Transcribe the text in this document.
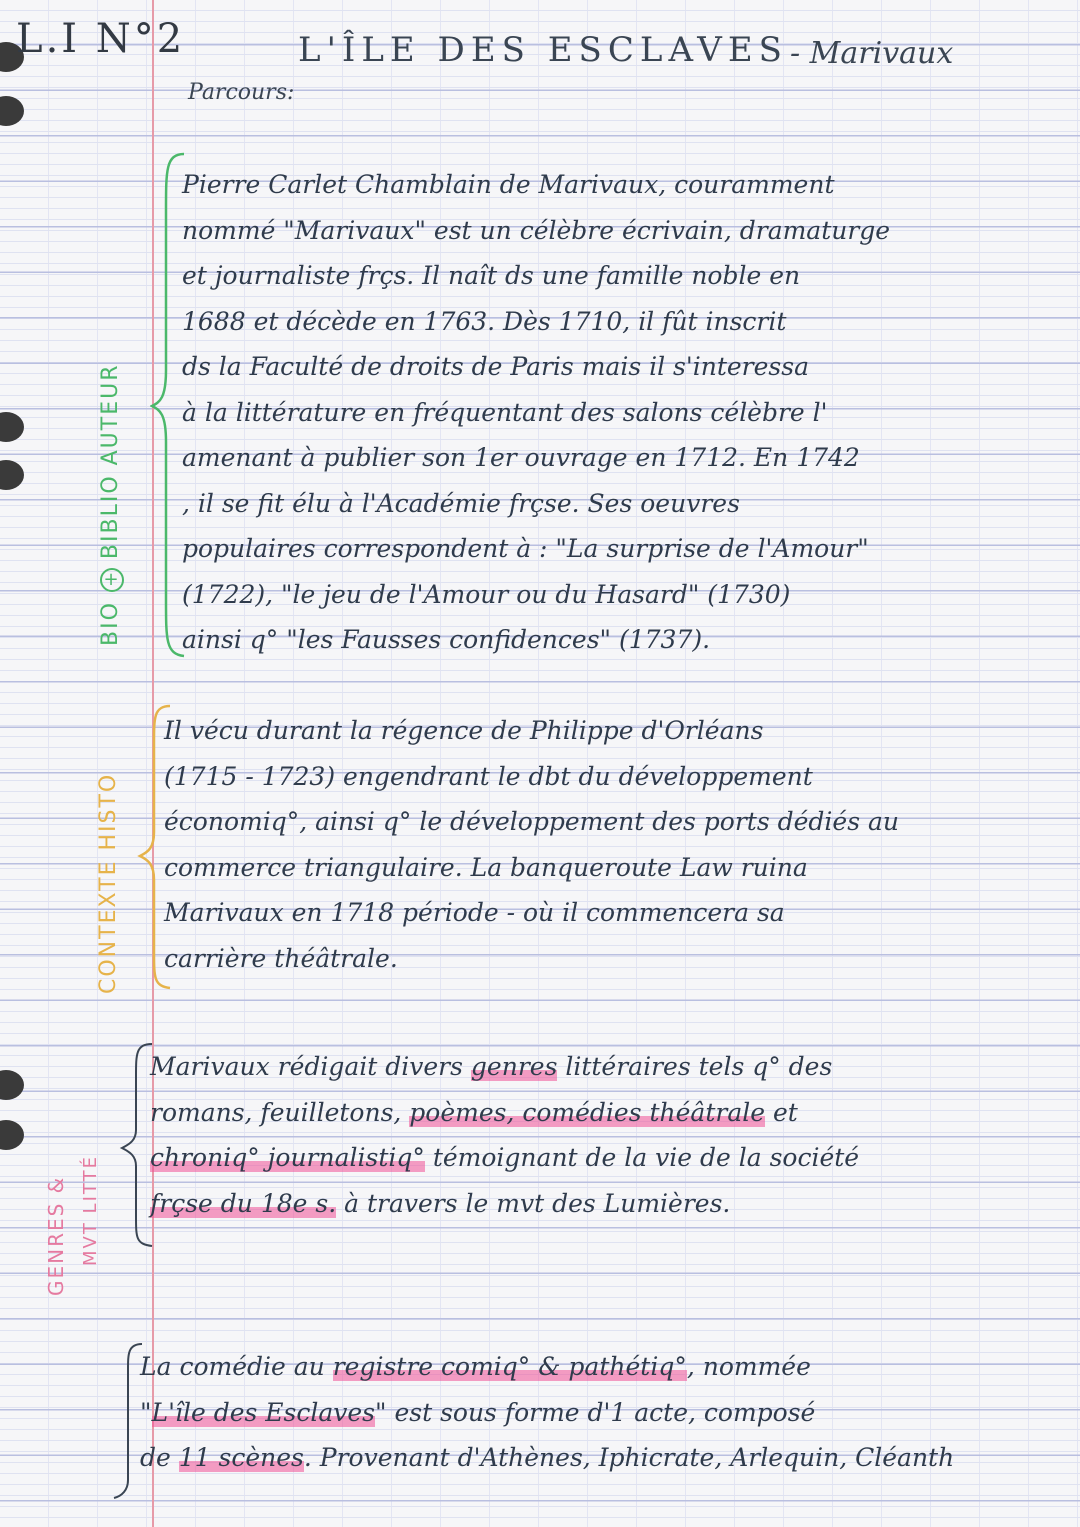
L.I N°2	L'ÎLE DES ESCLAVES - Marivaux
Parcours:
BIO + BIBLIO AUTEUR
CONTEXTE HISTO
GENRES & MVT LITTÉ
Pierre Carlet Chamblain de Marivaux, couramment
nommé "Marivaux" est un célèbre écrivain, dramaturge
et journaliste frçs. Il naît ds une famille noble en
1688 et décède en 1763. Dès 1710, il fût inscrit
ds la Faculté de droits de Paris mais il s'interessa
à la littérature en fréquentant des salons célèbre l'
amenant à publier son 1er ouvrage en 1712. En 1742
, il se fit élu à l'Académie frçse. Ses oeuvres
populaires correspondent à : "La surprise de l'Amour"
(1722), "le jeu de l'Amour ou du Hasard" (1730)
ainsi q° "les Fausses confidences" (1737).
Il vécu durant la régence de Philippe d'Orléans
(1715 - 1723) engendrant le dbt du développement
économiq°, ainsi q° le développement des ports dédiés au
commerce triangulaire. La banqueroute Law ruina
Marivaux en 1718 période - où il commencera sa
carrière théâtrale.
Marivaux rédigait divers genres littéraires tels q° des
romans, feuilletons, poèmes, comédies théâtrale et
chroniq° journalistiq° témoignant de la vie de la société
frçse du 18e s. à travers le mvt des Lumières.
La comédie au registre comiq° & pathétiq°, nommée
"L'île des Esclaves" est sous forme d'1 acte, composé
de 11 scènes. Provenant d'Athènes, Iphicrate, Arlequin, Cléanth
